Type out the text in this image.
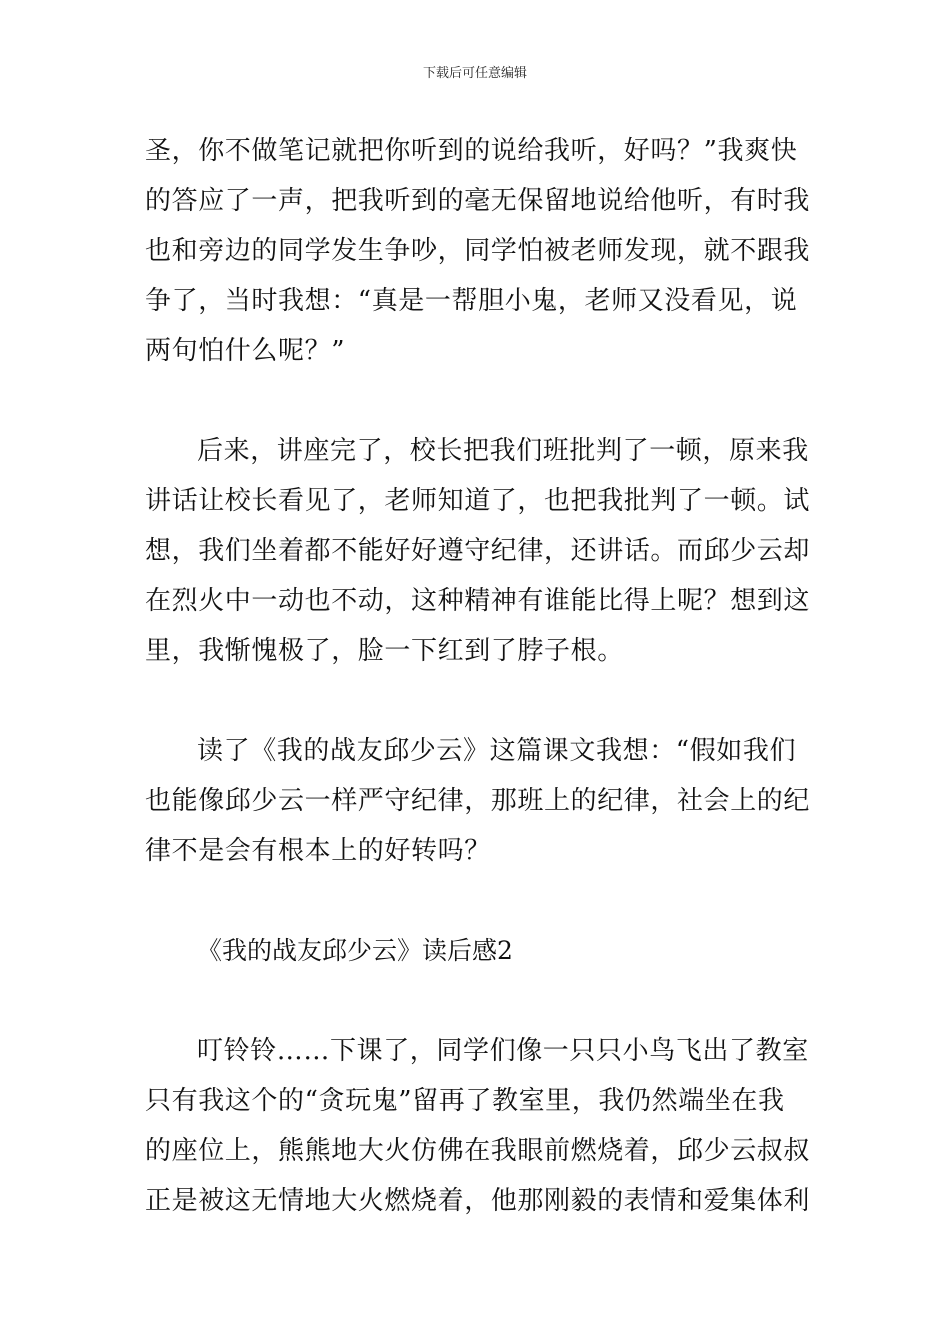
下载后可任意编辑
圣，你不做笔记就把你听到的说给我听，好吗？”我爽快
的答应了一声，把我听到的毫无保留地说给他听，有时我
也和旁边的同学发生争吵，同学怕被老师发现，就不跟我
争了，当时我想：“真是一帮胆小鬼，老师又没看见，说
两句怕什么呢？”
后来，讲座完了，校长把我们班批判了一顿，原来我
讲话让校长看见了，老师知道了，也把我批判了一顿。试
想，我们坐着都不能好好遵守纪律，还讲话。而邱少云却
在烈火中一动也不动，这种精神有谁能比得上呢？想到这
里，我惭愧极了，脸一下红到了脖子根。
读了《我的战友邱少云》这篇课文我想：“假如我们
也能像邱少云一样严守纪律，那班上的纪律，社会上的纪
律不是会有根本上的好转吗？
《我的战友邱少云》读后感2
叮铃铃……下课了，同学们像一只只小鸟飞出了教室
只有我这个的“贪玩鬼”留再了教室里，我仍然端坐在我
的座位上，熊熊地大火仿佛在我眼前燃烧着，邱少云叔叔
正是被这无情地大火燃烧着，他那刚毅的表情和爱集体利
